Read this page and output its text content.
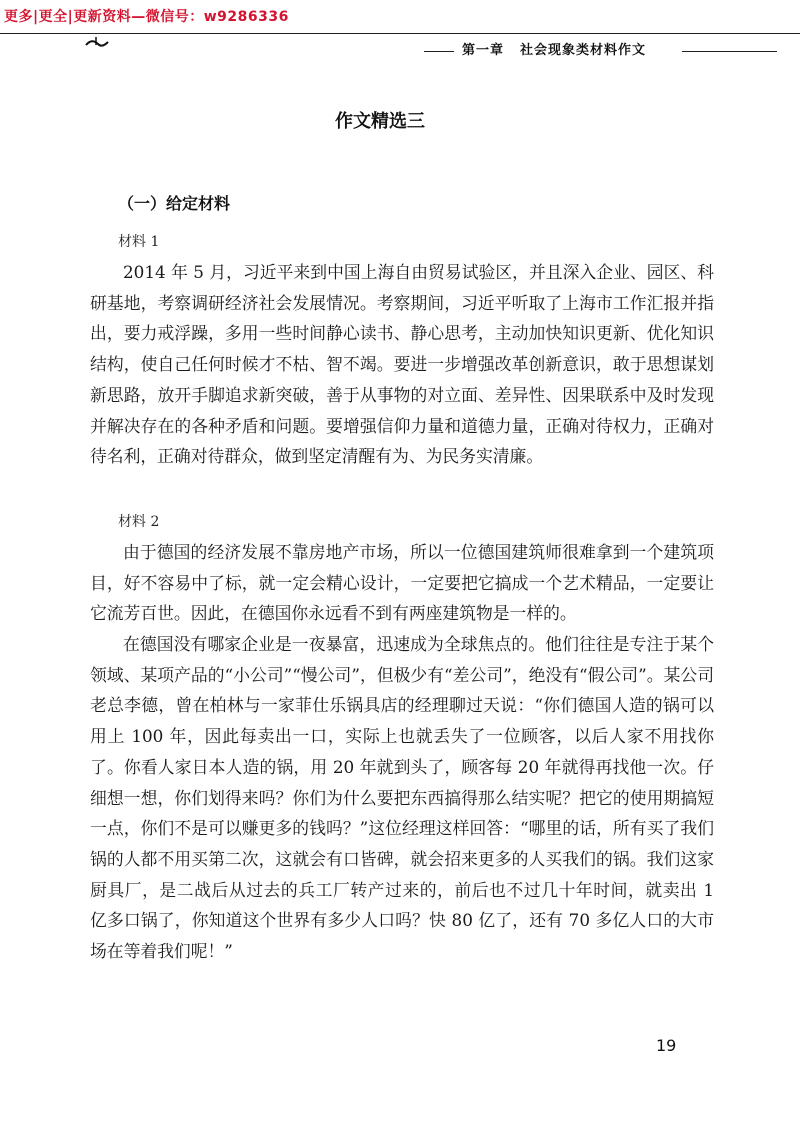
更多|更全|更新资料—微信号：w9286336
第一章 社会现象类材料作文
作文精选三
（一）给定材料
材料 1

2014 年 5 月，习近平来到中国上海自由贸易试验区，并且深入企业、园区、科研基地，考察调研经济社会发展情况。考察期间，习近平听取了上海市工作汇报并指出，要力戒浮躁，多用一些时间静心读书、静心思考，主动加快知识更新、优化知识结构，使自己任何时候才不枯、智不竭。要进一步增强改革创新意识，敢于思想谋划新思路，放开手脚追求新突破，善于从事物的对立面、差异性、因果联系中及时发现并解决存在的各种矛盾和问题。要增强信仰力量和道德力量，正确对待权力，正确对待名利，正确对待群众，做到坚定清醒有为、为民务实清廉。

材料 2

由于德国的经济发展不靠房地产市场，所以一位德国建筑师很难拿到一个建筑项目，好不容易中了标，就一定会精心设计，一定要把它搞成一个艺术精品，一定要让它流芳百世。因此，在德国你永远看不到有两座建筑物是一样的。

在德国没有哪家企业是一夜暴富，迅速成为全球焦点的。他们往往是专注于某个领域、某项产品的“小公司”“慢公司”，但极少有“差公司”，绝没有“假公司”。某公司老总李德，曾在柏林与一家菲仕乐锅具店的经理聊过天说：“你们德国人造的锅可以用上 100 年，因此每卖出一口，实际上也就丢失了一位顾客，以后人家不用找你了。你看人家日本人造的锅，用 20 年就到头了，顾客每 20 年就得再找他一次。仔细想一想，你们划得来吗？你们为什么要把东西搞得那么结实呢？把它的使用期搞短一点，你们不是可以赚更多的钱吗？”这位经理这样回答：“哪里的话，所有买了我们锅的人都不用买第二次，这就会有口皆碑，就会招来更多的人买我们的锅。我们这家厨具厂，是二战后从过去的兵工厂转产过来的，前后也不过几十年时间，就卖出 1 亿多口锅了，你知道这个世界有多少人口吗？快 80 亿了，还有 70 多亿人口的大市场在等着我们呢！”

19
